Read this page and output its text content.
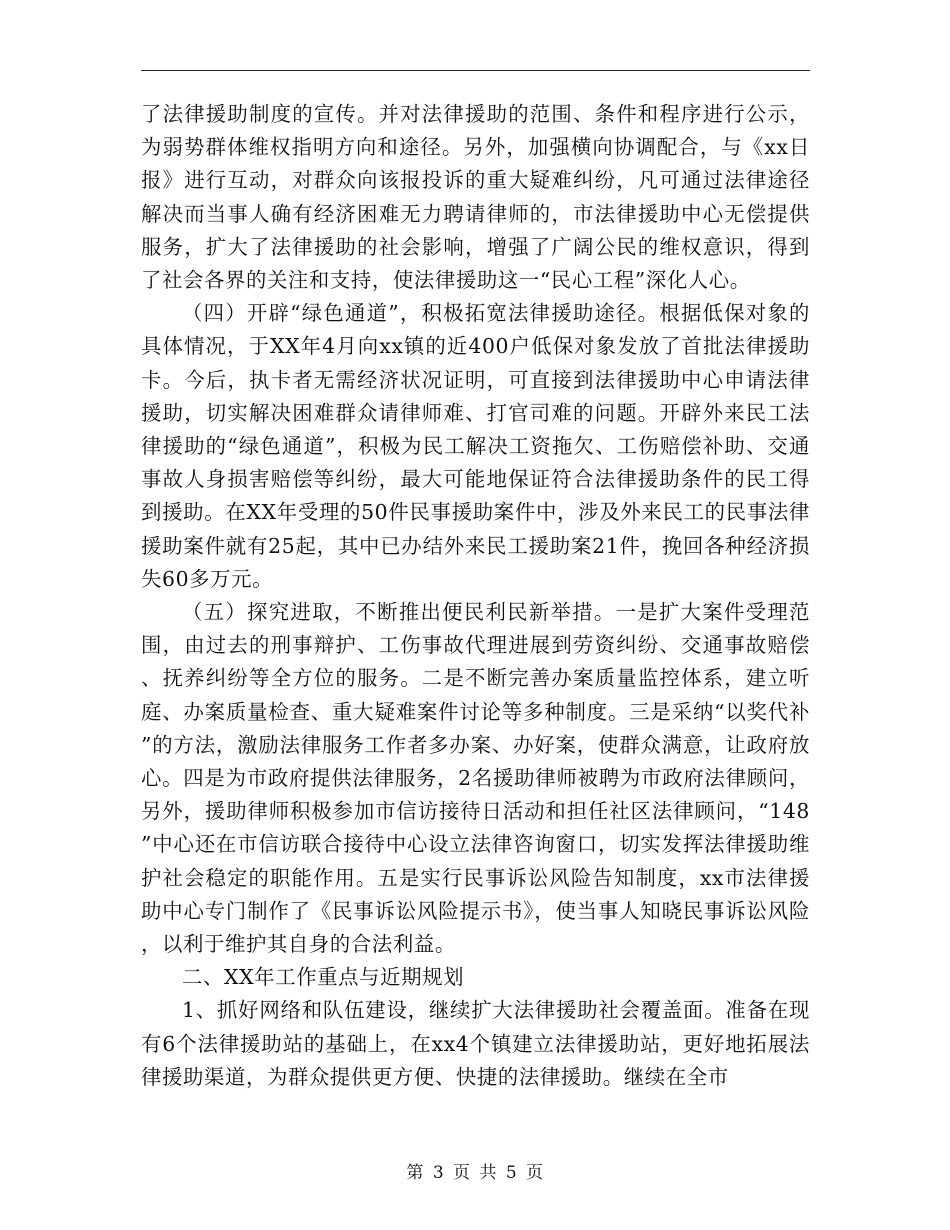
了法律援助制度的宣传。并对法律援助的范围、条件和程序进行公示，为弱势群体维权指明方向和途径。另外，加强横向协调配合，与《xx日报》进行互动，对群众向该报投诉的重大疑难纠纷，凡可通过法律途径解决而当事人确有经济困难无力聘请律师的，市法律援助中心无偿提供服务，扩大了法律援助的社会影响，增强了广阔公民的维权意识，得到了社会各界的关注和支持，使法律援助这一“民心工程”深化人心。

（四）开辟“绿色通道”，积极拓宽法律援助途径。根据低保对象的具体情况，于XX年4月向xx镇的近400户低保对象发放了首批法律援助卡。今后，执卡者无需经济状况证明，可直接到法律援助中心申请法律援助，切实解决困难群众请律师难、打官司难的问题。开辟外来民工法律援助的“绿色通道”，积极为民工解决工资拖欠、工伤赔偿补助、交通事故人身损害赔偿等纠纷，最大可能地保证符合法律援助条件的民工得到援助。在XX年受理的50件民事援助案件中，涉及外来民工的民事法律援助案件就有25起，其中已办结外来民工援助案21件，挽回各种经济损失60多万元。

（五）探究进取，不断推出便民利民新举措。一是扩大案件受理范围，由过去的刑事辩护、工伤事故代理进展到劳资纠纷、交通事故赔偿、抚养纠纷等全方位的服务。二是不断完善办案质量监控体系，建立听庭、办案质量检查、重大疑难案件讨论等多种制度。三是采纳“以奖代补”的方法，激励法律服务工作者多办案、办好案，使群众满意，让政府放心。四是为市政府提供法律服务，2名援助律师被聘为市政府法律顾问，另外，援助律师积极参加市信访接待日活动和担任社区法律顾问，“148”中心还在市信访联合接待中心设立法律咨询窗口，切实发挥法律援助维护社会稳定的职能作用。五是实行民事诉讼风险告知制度，xx市法律援助中心专门制作了《民事诉讼风险提示书》，使当事人知晓民事诉讼风险，以利于维护其自身的合法利益。

二、XX年工作重点与近期规划

1、抓好网络和队伍建设，继续扩大法律援助社会覆盖面。准备在现有6个法律援助站的基础上，在xx4个镇建立法律援助站，更好地拓展法律援助渠道，为群众提供更方便、快捷的法律援助。继续在全市

第 3 页 共 5 页
